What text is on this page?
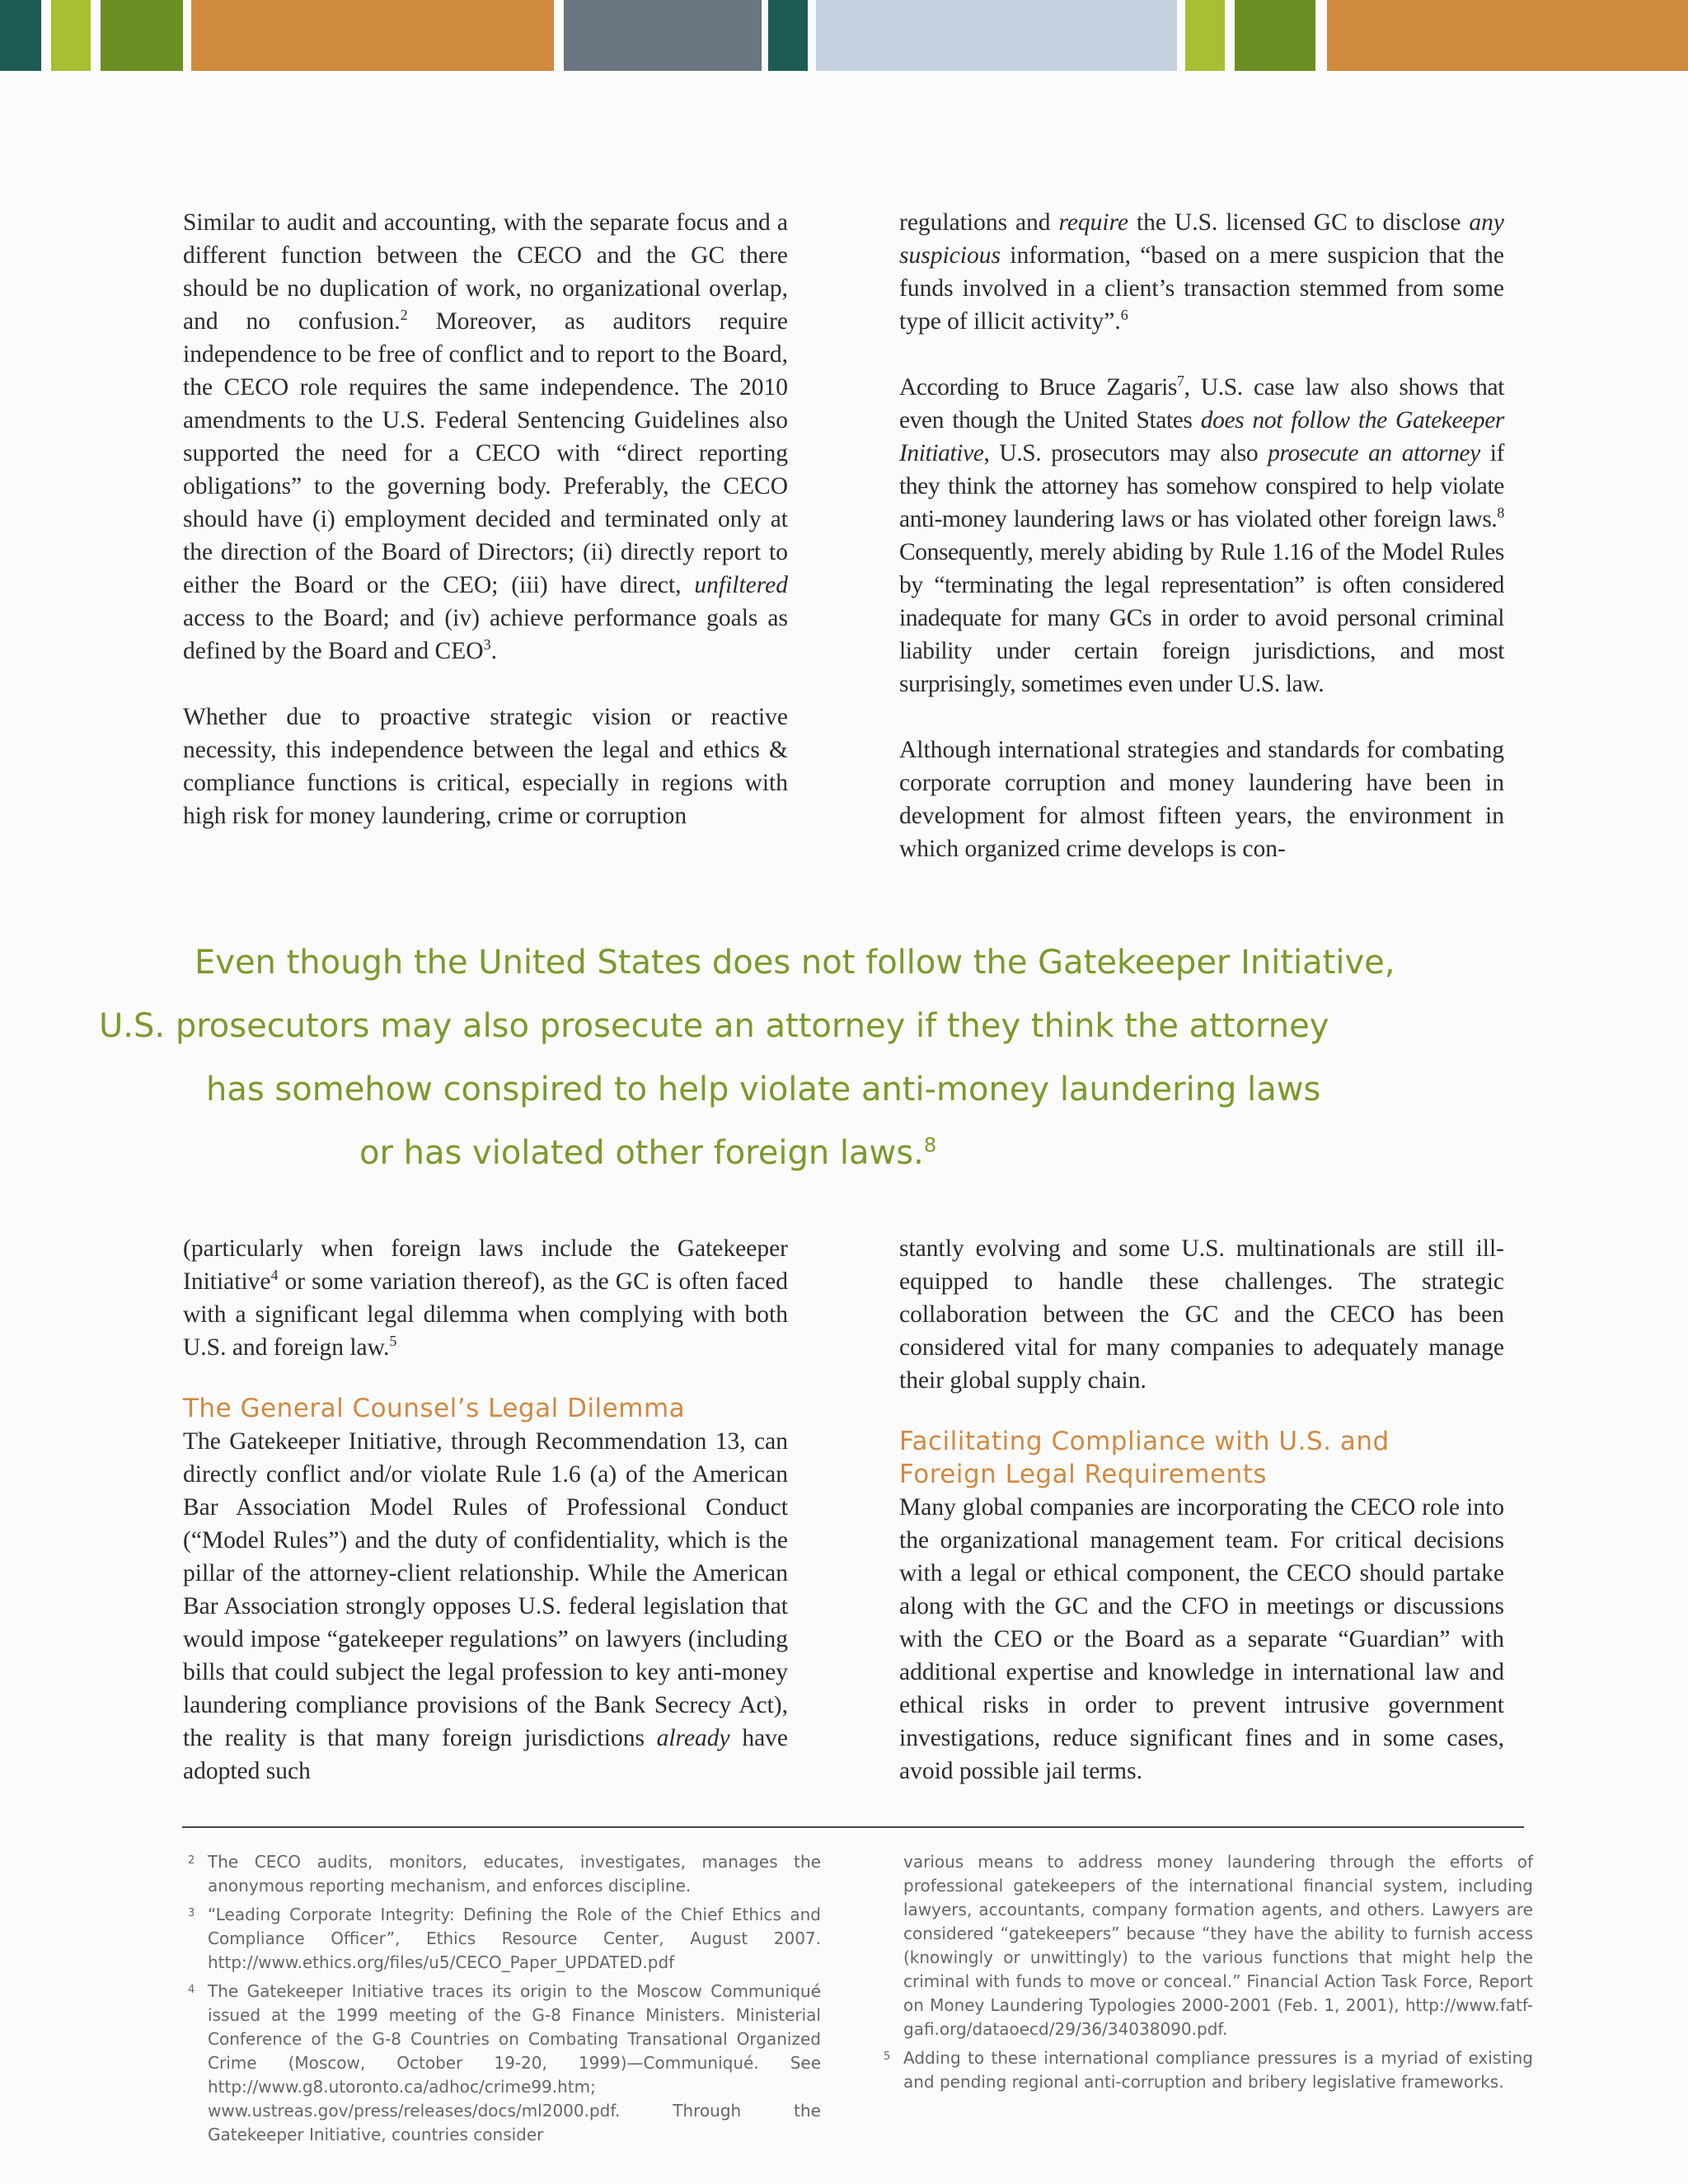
Similar to audit and accounting, with the separate focus and a different function between the CECO and the GC there should be no duplication of work, no organizational overlap, and no confusion.$^2$ Moreover, as auditors require independence to be free of conflict and to report to the Board, the CECO role requires the same independence. The 2010 amendments to the U.S. Federal Sentencing Guidelines also supported the need for a CECO with “direct reporting obligations” to the governing body. Preferably, the CECO should have (i) employment decided and terminated only at the direction of the Board of Directors; (ii) directly report to either the Board or the CEO; (iii) have direct, unfiltered access to the Board; and (iv) achieve performance goals as defined by the Board and CEO$^3$.

Whether due to proactive strategic vision or reactive necessity, this independence between the legal and ethics & compliance functions is critical, especially in regions with high risk for money laundering, crime or corruption

regulations and require the U.S. licensed GC to disclose any suspicious information, “based on a mere suspicion that the funds involved in a client’s transaction stemmed from some type of illicit activity”.$^6$

According to Bruce Zagaris$^7$, U.S. case law also shows that even though the United States does not follow the Gatekeeper Initiative, U.S. prosecutors may also prosecute an attorney if they think the attorney has somehow conspired to help violate anti-money laundering laws or has violated other foreign laws.$^8$ Consequently, merely abiding by Rule 1.16 of the Model Rules by “terminating the legal representation” is often considered inadequate for many GCs in order to avoid personal criminal liability under certain foreign jurisdictions, and most surprisingly, sometimes even under U.S. law.

Although international strategies and standards for combating corporate corruption and money laundering have been in development for almost fifteen years, the environment in which organized crime develops is con-

Even though the United States does not follow the Gatekeeper Initiative,
U.S. prosecutors may also prosecute an attorney if they think the attorney
has somehow conspired to help violate anti-money laundering laws
or has violated other foreign laws.$^8$

(particularly when foreign laws include the Gatekeeper Initiative$^4$ or some variation thereof), as the GC is often faced with a significant legal dilemma when complying with both U.S. and foreign law.$^5$

The General Counsel’s Legal Dilemma

The Gatekeeper Initiative, through Recommendation 13, can directly conflict and/or violate Rule 1.6 (a) of the American Bar Association Model Rules of Professional Conduct (“Model Rules”) and the duty of confidentiality, which is the pillar of the attorney-client relationship. While the American Bar Association strongly opposes U.S. federal legislation that would impose “gatekeeper regulations” on lawyers (including bills that could subject the legal profession to key anti-money laundering compliance provisions of the Bank Secrecy Act), the reality is that many foreign jurisdictions already have adopted such

stantly evolving and some U.S. multinationals are still ill-equipped to handle these challenges. The strategic collaboration between the GC and the CECO has been considered vital for many companies to adequately manage their global supply chain.

Facilitating Compliance with U.S. and
Foreign Legal Requirements

Many global companies are incorporating the CECO role into the organizational management team. For critical decisions with a legal or ethical component, the CECO should partake along with the GC and the CFO in meetings or discussions with the CEO or the Board as a separate “Guardian” with additional expertise and knowledge in international law and ethical risks in order to prevent intrusive government investigations, reduce significant fines and in some cases, avoid possible jail terms.

2 The CECO audits, monitors, educates, investigates, manages the anonymous reporting mechanism, and enforces discipline.
3 “Leading Corporate Integrity: Defining the Role of the Chief Ethics and Compliance Officer”, Ethics Resource Center, August 2007. http://www.ethics.org/files/u5/CECO_Paper_UPDATED.pdf
4 The Gatekeeper Initiative traces its origin to the Moscow Communiqué issued at the 1999 meeting of the G-8 Finance Ministers. Ministerial Conference of the G-8 Countries on Combating Transational Organized Crime (Moscow, October 19-20, 1999)—Communiqué. See http://www.g8.utoronto.ca/adhoc/crime99.htm; www.ustreas.gov/press/releases/docs/ml2000.pdf. Through the Gatekeeper Initiative, countries consider
various means to address money laundering through the efforts of professional gatekeepers of the international financial system, including lawyers, accountants, company formation agents, and others. Lawyers are considered “gatekeepers” because “they have the ability to furnish access (knowingly or unwittingly) to the various functions that might help the criminal with funds to move or conceal.” Financial Action Task Force, Report on Money Laundering Typologies 2000-2001 (Feb. 1, 2001), http://www.fatf-gafi.org/dataoecd/29/36/34038090.pdf.
5 Adding to these international compliance pressures is a myriad of existing and pending regional anti-corruption and bribery legislative frameworks.
